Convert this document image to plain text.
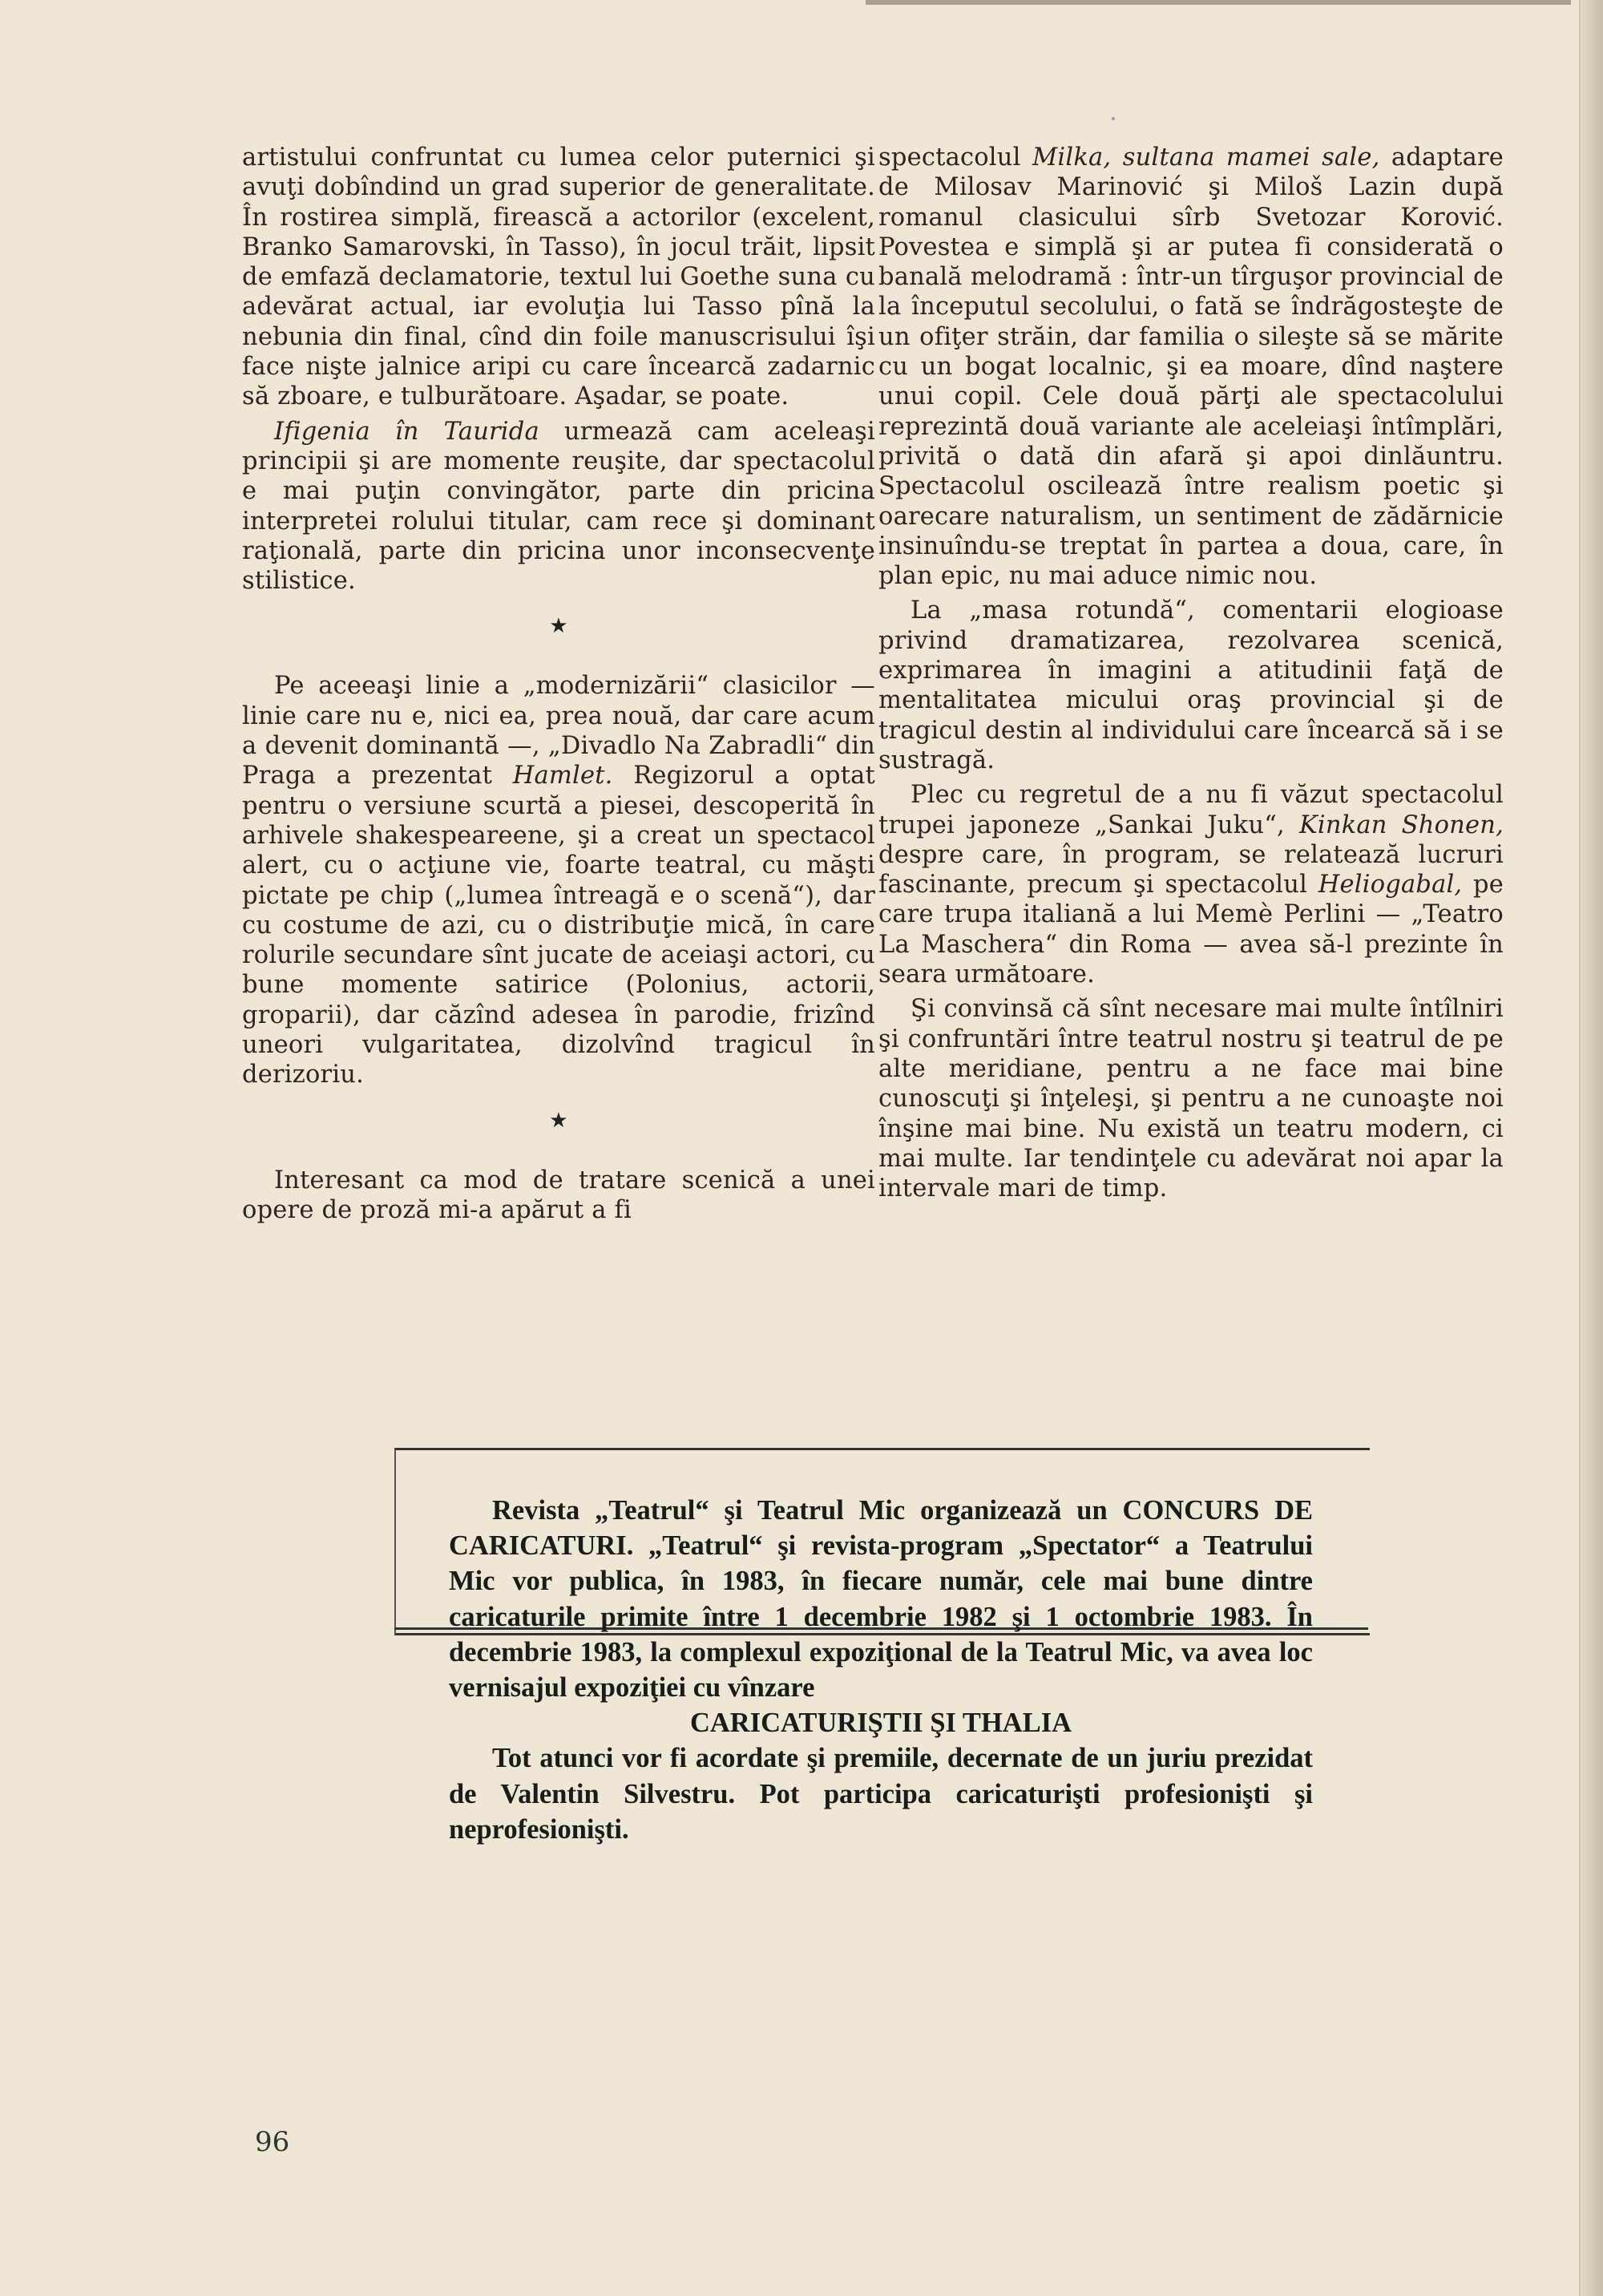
artistului confruntat cu lumea celor puternici şi avuţi dobîndind un grad superior de generalitate. În rostirea simplă, firească a actorilor (excelent, Branko Samarovski, în Tasso), în jocul trăit, lipsit de emfază declamatorie, textul lui Goethe suna cu adevărat actual, iar evoluţia lui Tasso pînă la nebunia din final, cînd din foile manuscrisului îşi face nişte jalnice aripi cu care încearcă zadarnic să zboare, e tulburătoare. Aşadar, se poate.

Ifigenia în Taurida urmează cam aceleaşi principii şi are momente reuşite, dar spectacolul e mai puţin convingător, parte din pricina interpretei rolului titular, cam rece şi dominant raţională, parte din pricina unor inconsecvenţe stilistice.
★
Pe aceeaşi linie a „modernizării“ clasicilor — linie care nu e, nici ea, prea nouă, dar care acum a devenit dominantă —, „Divadlo Na Zabradli“ din Praga a prezentat Hamlet. Regizorul a optat pentru o versiune scurtă a piesei, descoperită în arhivele shakespeareene, şi a creat un spectacol alert, cu o acţiune vie, foarte teatral, cu măşti pictate pe chip („lumea întreagă e o scenă“), dar cu costume de azi, cu o distribuţie mică, în care rolurile secundare sînt jucate de aceiaşi actori, cu bune momente satirice (Polonius, actorii, groparii), dar căzînd adesea în parodie, frizînd uneori vulgaritatea, dizolvînd tragicul în derizoriu.
★

Interesant ca mod de tratare scenică a unei opere de proză mi-a apărut a fi

spectacolul Milka, sultana mamei sale, adaptare de Milosav Marinović şi Miloš Lazin după romanul clasicului sîrb Svetozar Korović. Povestea e simplă şi ar putea fi considerată o banală melodramă : într-un tîrguşor provincial de la începutul secolului, o fată se îndrăgosteşte de un ofiţer străin, dar familia o sileşte să se mărite cu un bogat localnic, şi ea moare, dînd naştere unui copil. Cele două părţi ale spectacolului reprezintă două variante ale aceleiaşi întîmplări, privită o dată din afară şi apoi dinlăuntru. Spectacolul oscilează între realism poetic şi oarecare naturalism, un sentiment de zădărnicie insinuîndu-se treptat în partea a doua, care, în plan epic, nu mai aduce nimic nou.

La „masa rotundă“, comentarii elogioase privind dramatizarea, rezolvarea scenică, exprimarea în imagini a atitudinii faţă de mentalitatea micului oraş provincial şi de tragicul destin al individului care încearcă să i se sustragă.

Plec cu regretul de a nu fi văzut spectacolul trupei japoneze „Sankai Juku“, Kinkan Shonen, despre care, în program, se relatează lucruri fascinante, precum şi spectacolul Heliogabal, pe care trupa italiană a lui Memè Perlini — „Teatro La Maschera“ din Roma — avea să-l prezinte în seara următoare.

Şi convinsă că sînt necesare mai multe întîlniri şi confruntări între teatrul nostru şi teatrul de pe alte meridiane, pentru a ne face mai bine cunoscuţi şi înţeleşi, şi pentru a ne cunoaşte noi înşine mai bine. Nu există un teatru modern, ci mai multe. Iar tendinţele cu adevărat noi apar la intervale mari de timp.

Revista „Teatrul“ şi Teatrul Mic organizează un CONCURS DE CARICATURI. „Teatrul“ şi revista-program „Spectator“ a Teatrului Mic vor publica, în 1983, în fiecare număr, cele mai bune dintre caricaturile primite între 1 decembrie 1982 şi 1 octombrie 1983. În decembrie 1983, la complexul expoziţional de la Teatrul Mic, va avea loc vernisajul expoziţiei cu vînzare

CARICATURIŞTII ŞI THALIA

Tot atunci vor fi acordate şi premiile, decernate de un juriu prezidat de Valentin Silvestru. Pot participa caricaturişti profesionişti şi neprofesionişti.

96
